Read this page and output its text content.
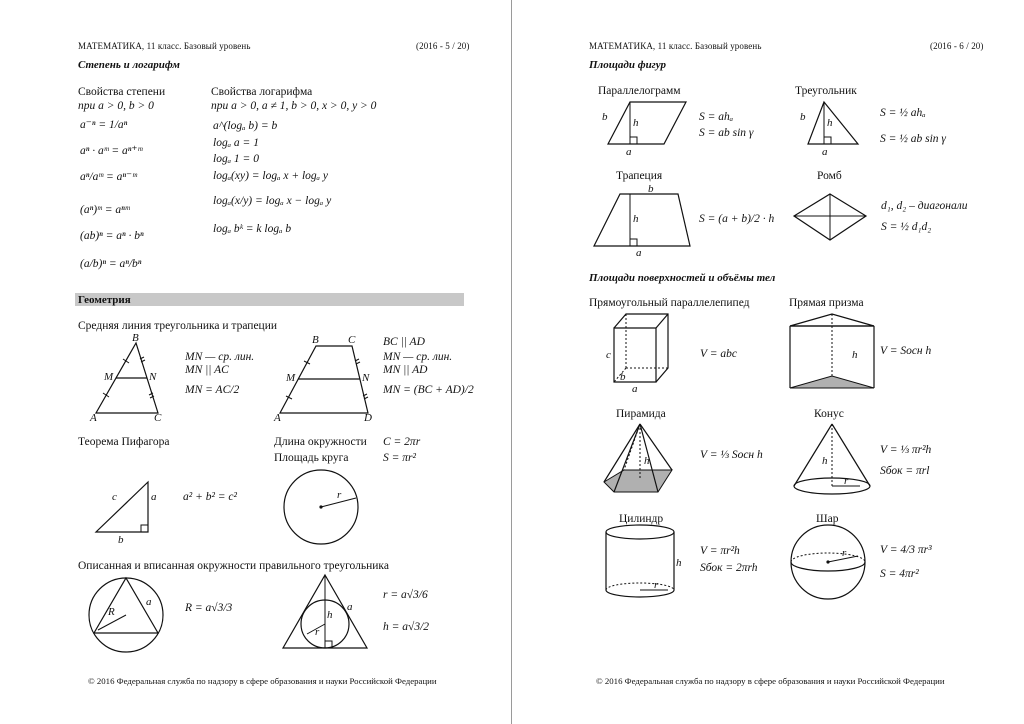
МАТЕМАТИКА, 11 класс. Базовый уровень	(2016 - 5 / 20)
Степень и логарифм
Свойства степени
при a > 0, b > 0
a⁻ⁿ = 1/aⁿ
aⁿ · aᵐ = aⁿ⁺ᵐ
aⁿ/aᵐ = aⁿ⁻ᵐ
(aⁿ)ᵐ = aⁿᵐ
(ab)ⁿ = aⁿ · bⁿ
(a/b)ⁿ = aⁿ/bⁿ
Свойства логарифма
при a > 0, a ≠ 1, b > 0, x > 0, y > 0
a^(logₐ b) = b
logₐ a = 1
logₐ 1 = 0
logₐ(xy) = logₐ x + logₐ y
logₐ(x/y) = logₐ x − logₐ y
logₐ bᵏ = k logₐ b
Геометрия
Средняя линия треугольника и трапеции
B
M	N
A	C
MN — ср. лин.
MN || AC
MN = AC/2
B	C
M	N
A	D
BC || AD
MN — ср. лин.
MN || AD
MN = (BC + AD)/2
Теорема Пифагора
a
c
b
a² + b² = c²
Длина окружности C = 2πr
Площадь круга	S = πr²
r
Описанная и вписанная окружности правильного треугольника
R
a	R = a√3/3
h
r
a
r = a√3/6
h = a√3/2
© 2016 Федеральная служба по надзору в сфере образования и науки Российской Федерации
МАТЕМАТИКА, 11 класс. Базовый уровень	(2016 - 6 / 20)
Площади фигур
Параллелограмм
b h
a
S = ahₐ
S = ab sin γ
Треугольник
b h
a
S = ½ ahₐ
S = ½ ab sin γ
Трапеция
b
h
a
S = (a + b)/2 · h
Ромб
d₁, d₂ – диагонали
S = ½ d₁d₂
Площади поверхностей и объёмы тел
Прямоугольный параллелепипед
c
b
a
V = abc
Прямая призма
h V = Sосн h
Пирамида
h	V = ⅓ Sосн h
Конус
h
r
V = ⅓ πr²h
Sбок = πrl
Цилиндр
h
r
V = πr²h
Sбок = 2πrh
Шар
r	V = 4/3 πr³
S = 4πr²
© 2016 Федеральная служба по надзору в сфере образования и науки Российской Федерации
